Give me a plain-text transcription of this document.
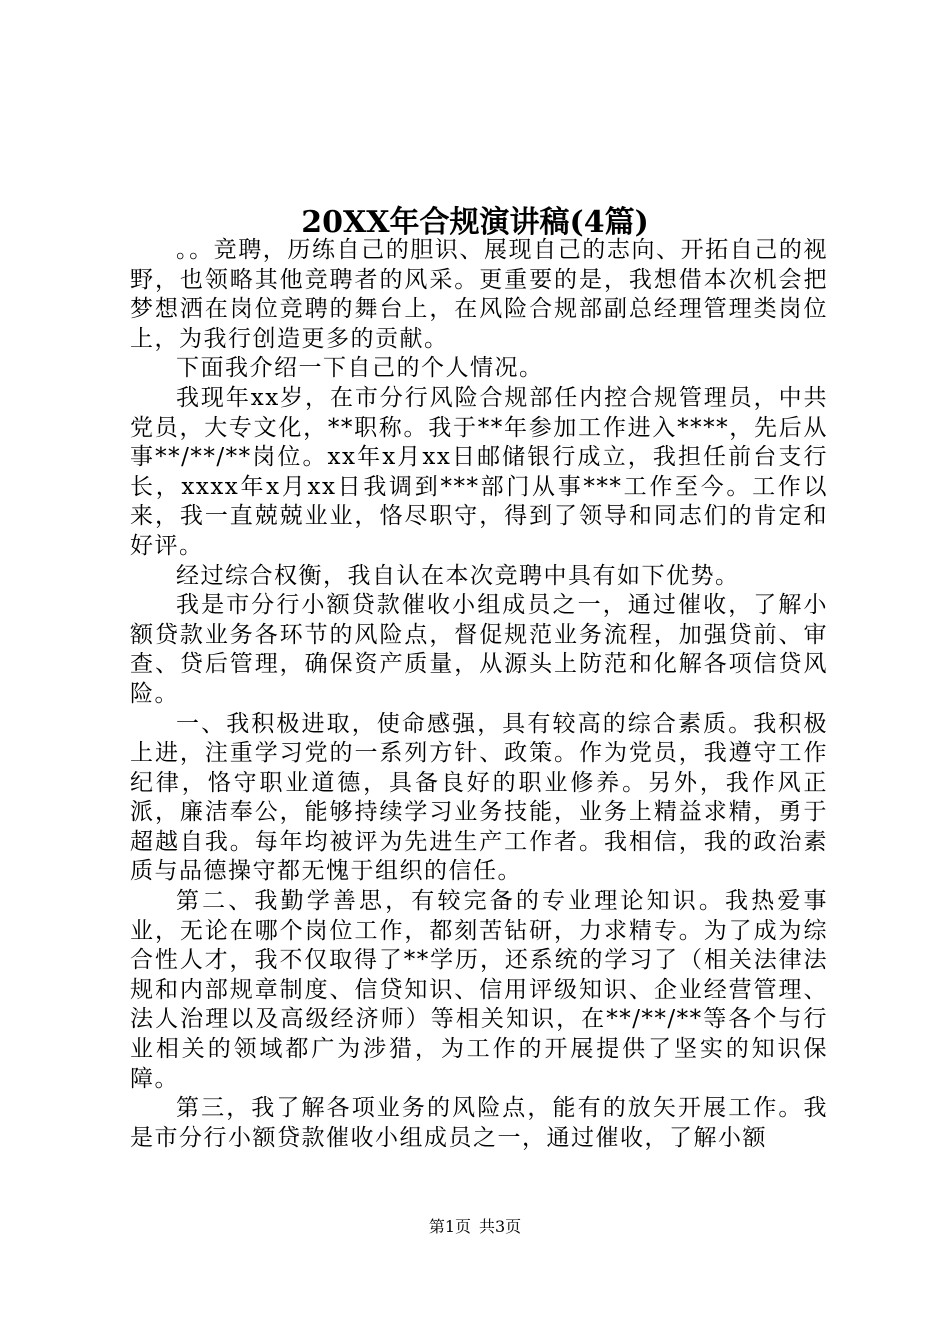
20XX年合规演讲稿(4篇)

。。竞聘，历练自己的胆识、展现自己的志向、开拓自己的视野，也领略其他竞聘者的风采。更重要的是，我想借本次机会把梦想洒在岗位竞聘的舞台上，在风险合规部副总经理管理类岗位上，为我行创造更多的贡献。

下面我介绍一下自己的个人情况。

我现年xx岁，在市分行风险合规部任内控合规管理员，中共党员，大专文化，**职称。我于**年参加工作进入****，先后从事**/**/**岗位。xx年x月xx日邮储银行成立，我担任前台支行长，xxxx年x月xx日我调到***部门从事***工作至今。工作以来，我一直兢兢业业，恪尽职守，得到了领导和同志们的肯定和好评。

经过综合权衡，我自认在本次竞聘中具有如下优势。

我是市分行小额贷款催收小组成员之一，通过催收，了解小额贷款业务各环节的风险点，督促规范业务流程，加强贷前、审查、贷后管理，确保资产质量，从源头上防范和化解各项信贷风险。

一、我积极进取，使命感强，具有较高的综合素质。我积极上进，注重学习党的一系列方针、政策。作为党员，我遵守工作纪律，恪守职业道德，具备良好的职业修养。另外，我作风正派，廉洁奉公，能够持续学习业务技能，业务上精益求精，勇于超越自我。每年均被评为先进生产工作者。我相信，我的政治素质与品德操守都无愧于组织的信任。

第二、我勤学善思，有较完备的专业理论知识。我热爱事业，无论在哪个岗位工作，都刻苦钻研，力求精专。为了成为综合性人才，我不仅取得了**学历，还系统的学习了（相关法律法规和内部规章制度、信贷知识、信用评级知识、企业经营管理、法人治理以及高级经济师）等相关知识，在**/**/**等各个与行业相关的领域都广为涉猎，为工作的开展提供了坚实的知识保障。

第三，我了解各项业务的风险点，能有的放矢开展工作。我是市分行小额贷款催收小组成员之一，通过催收，了解小额

第1页 共3页
